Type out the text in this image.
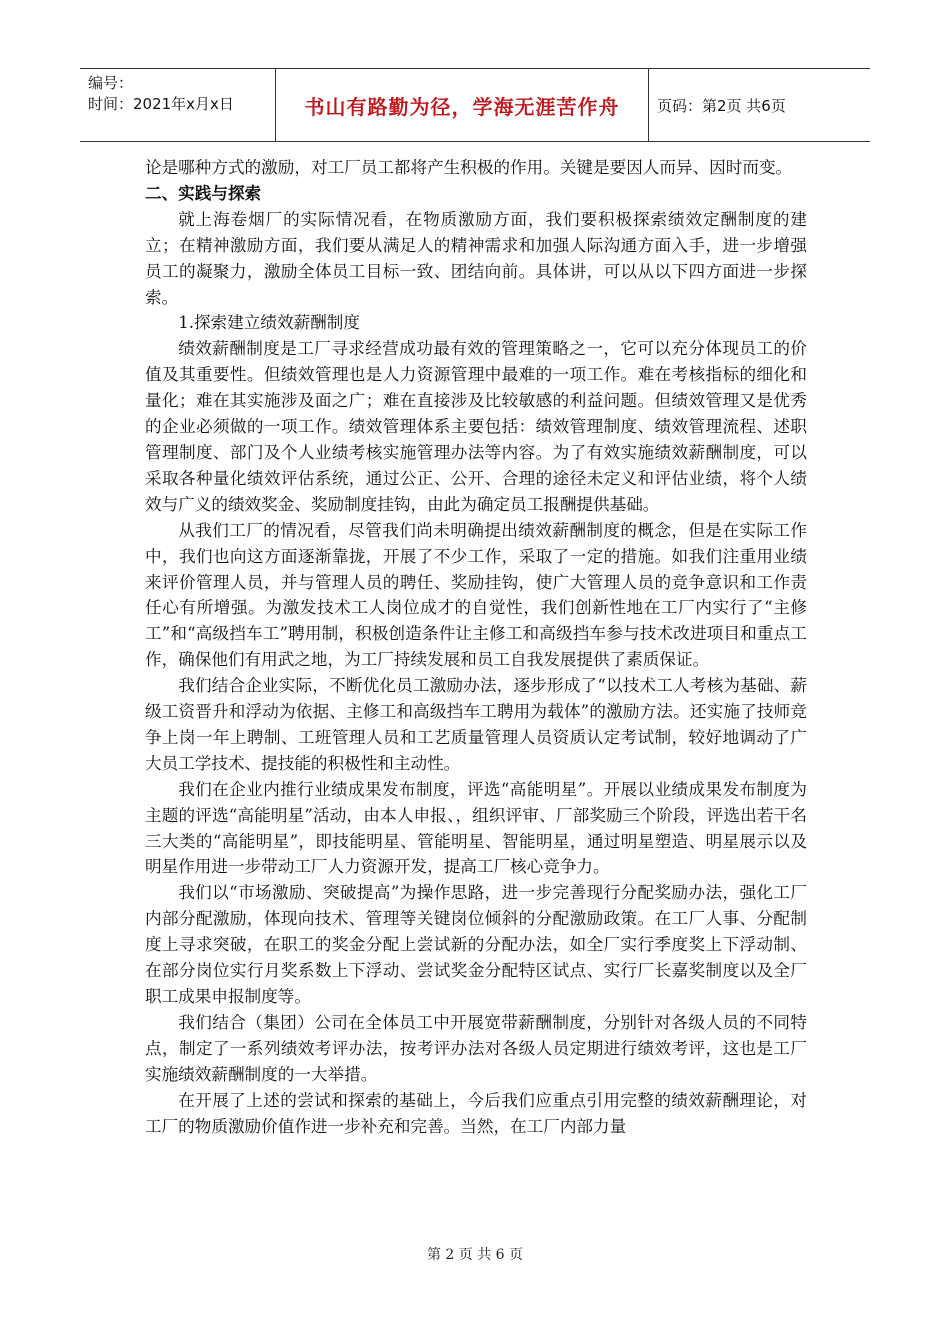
编号：
时间：2021年x月x日	书山有路勤为径，学海无涯苦作舟	页码：第2页 共6页

论是哪种方式的激励，对工厂员工都将产生积极的作用。关键是要因人而异、因时而变。

二、实践与探索

就上海卷烟厂的实际情况看，在物质激励方面，我们要积极探索绩效定酬制度的建立；在精神激励方面，我们要从满足人的精神需求和加强人际沟通方面入手，进一步增强员工的凝聚力，激励全体员工目标一致、团结向前。具体讲，可以从以下四方面进一步探索。

1.探索建立绩效薪酬制度

绩效薪酬制度是工厂寻求经营成功最有效的管理策略之一，它可以充分体现员工的价值及其重要性。但绩效管理也是人力资源管理中最难的一项工作。难在考核指标的细化和量化；难在其实施涉及面之广；难在直接涉及比较敏感的利益问题。但绩效管理又是优秀的企业必须做的一项工作。绩效管理体系主要包括：绩效管理制度、绩效管理流程、述职管理制度、部门及个人业绩考核实施管理办法等内容。为了有效实施绩效薪酬制度，可以采取各种量化绩效评估系统，通过公正、公开、合理的途径未定义和评估业绩，将个人绩效与广义的绩效奖金、奖励制度挂钩，由此为确定员工报酬提供基础。

从我们工厂的情况看，尽管我们尚未明确提出绩效薪酬制度的概念，但是在实际工作中，我们也向这方面逐渐靠拢，开展了不少工作，采取了一定的措施。如我们注重用业绩来评价管理人员，并与管理人员的聘任、奖励挂钩，使广大管理人员的竞争意识和工作责任心有所增强。为激发技术工人岗位成才的自觉性，我们创新性地在工厂内实行了“主修工”和“高级挡车工”聘用制，积极创造条件让主修工和高级挡车参与技术改进项目和重点工作，确保他们有用武之地，为工厂持续发展和员工自我发展提供了素质保证。

我们结合企业实际，不断优化员工激励办法，逐步形成了“以技术工人考核为基础、薪级工资晋升和浮动为依据、主修工和高级挡车工聘用为载体”的激励方法。还实施了技师竞争上岗一年上聘制、工班管理人员和工艺质量管理人员资质认定考试制，较好地调动了广大员工学技术、提技能的积极性和主动性。

我们在企业内推行业绩成果发布制度，评选“高能明星”。开展以业绩成果发布制度为主题的评选“高能明星”活动，由本人申报、，组织评审、厂部奖励三个阶段，评选出若干名三大类的“高能明星”，即技能明星、管能明星、智能明星，通过明星塑造、明星展示以及明星作用进一步带动工厂人力资源开发，提高工厂核心竞争力。

我们以“市场激励、突破提高”为操作思路，进一步完善现行分配奖励办法，强化工厂内部分配激励，体现向技术、管理等关键岗位倾斜的分配激励政策。在工厂人事、分配制度上寻求突破，在职工的奖金分配上尝试新的分配办法，如全厂实行季度奖上下浮动制、在部分岗位实行月奖系数上下浮动、尝试奖金分配特区试点、实行厂长嘉奖制度以及全厂职工成果申报制度等。

我们结合（集团）公司在全体员工中开展宽带薪酬制度，分别针对各级人员的不同特点，制定了一系列绩效考评办法，按考评办法对各级人员定期进行绩效考评，这也是工厂实施绩效薪酬制度的一大举措。

在开展了上述的尝试和探索的基础上，今后我们应重点引用完整的绩效薪酬理论，对工厂的物质激励价值作进一步补充和完善。当然，在工厂内部力量

第 2 页 共 6 页
